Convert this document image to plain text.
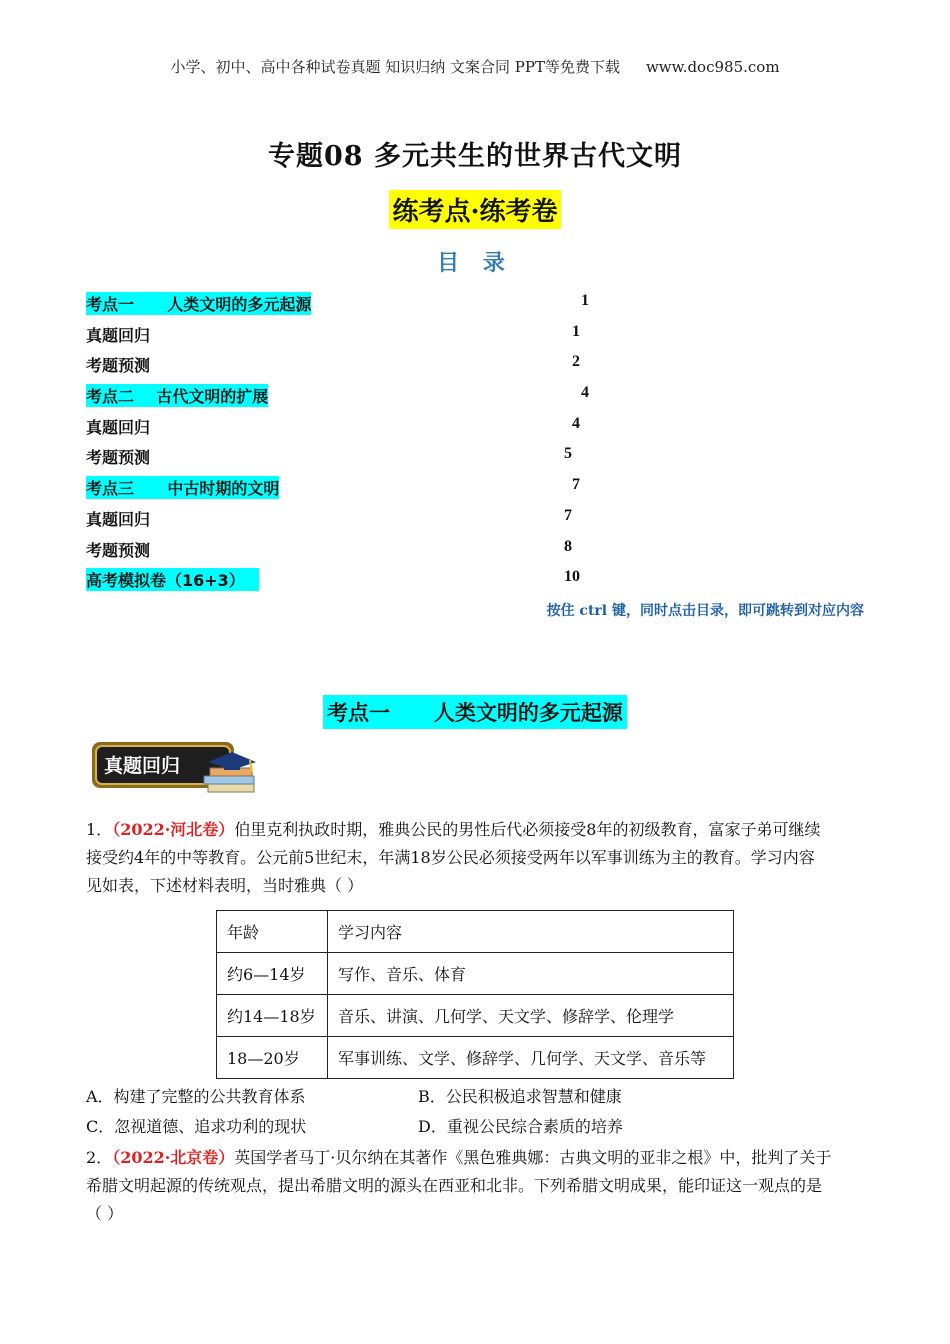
小学、初中、高中各种试卷真题 知识归纳 文案合同 PPT等免费下载 www.doc985.com
专题08 多元共生的世界古代文明
练考点·练考卷
目 录
考点一      人类文明的多元起源	1
真题回归	1
考题预测	2
考点二    古代文明的扩展	4
真题回归	4
考题预测	5
考点三      中古时期的文明	7
真题回归	7
考题预测	8
高考模拟卷（16+3）	10
按住 ctrl 键，同时点击目录，即可跳转到对应内容
考点一      人类文明的多元起源
真题回归
1．（2022·河北卷）伯里克利执政时期，雅典公民的男性后代必须接受8年的初级教育，富家子弟可继续
接受约4年的中等教育。公元前5世纪末，年满18岁公民必须接受两年以军事训练为主的教育。学习内容
见如表，下述材料表明，当时雅典（ ）
年龄	学习内容
约6—14岁	写作、音乐、体育
约14—18岁	音乐、讲演、几何学、天文学、修辞学、伦理学
18—20岁	军事训练、文学、修辞学、几何学、天文学、音乐等
A．构建了完整的公共教育体系	B．公民积极追求智慧和健康
C．忽视道德、追求功利的现状	D．重视公民综合素质的培养
2．（2022·北京卷）英国学者马丁·贝尔纳在其著作《黑色雅典娜：古典文明的亚非之根》中，批判了关于
希腊文明起源的传统观点，提出希腊文明的源头在西亚和北非。下列希腊文明成果，能印证这一观点的是
（ ）
